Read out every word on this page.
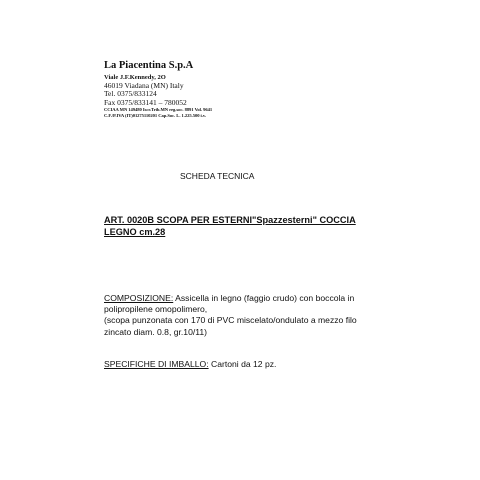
La Piacentina S.p.A
Viale J.F.Kennedy, 2O
46019 Viadana (MN) Italy
Tel. 0375/833124
Fax 0375/833141 – 780052
CCIAA MN 149480 Iscr.Trib.MN reg.soc. 8891 Vol. 9641
C.F./P.IVA (IT)01275110201 Cap.Soc. L. 1.225.500 i.v.
SCHEDA TECNICA
ART. 0020B SCOPA PER ESTERNI"Spazzesterni" COCCIA
LEGNO cm.28
COMPOSIZIONE: Assicella in legno (faggio crudo) con boccola in
polipropilene omopolimero,
(scopa punzonata con 170 di PVC miscelato/ondulato a mezzo filo
zincato diam. 0.8, gr.10/11)
SPECIFICHE DI IMBALLO: Cartoni da 12 pz.
